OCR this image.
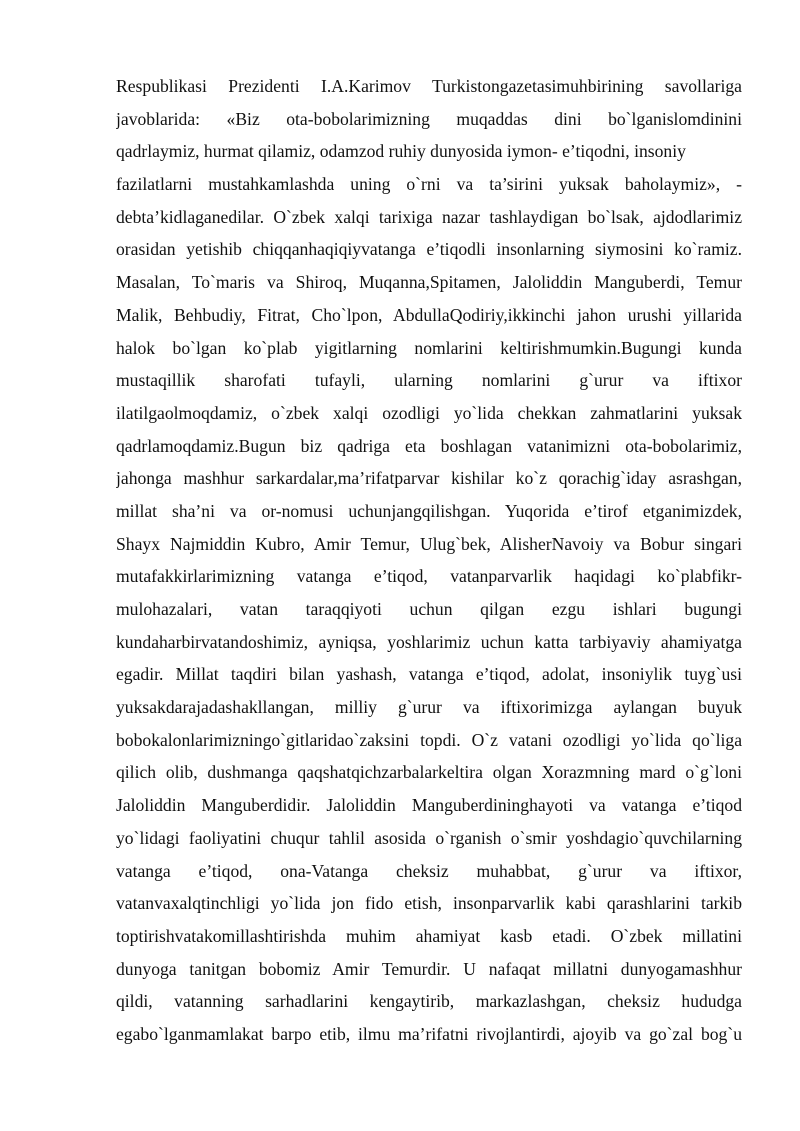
Respublikasi Prezidenti I.A.Karimov Turkistongazetasimuhbirining savollariga
javoblarida: «Biz ota-bobolarimizning muqaddas dini bo`lganislomdinini
qadrlaymiz, hurmat qilamiz, odamzod ruhiy dunyosida iymon- e’tiqodni, insoniy
fazilatlarni mustahkamlashda uning o`rni va ta’sirini yuksak baholaymiz», -
debta’kidlaganedilar. O`zbek xalqi tarixiga nazar tashlaydigan bo`lsak, ajdodlarimiz
orasidan yetishib chiqqanhaqiqiyvatanga e’tiqodli insonlarning siymosini ko`ramiz.
Masalan, To`maris va Shiroq, Muqanna,Spitamen, Jaloliddin Manguberdi, Temur
Malik, Behbudiy, Fitrat, Cho`lpon, AbdullaQodiriy,ikkinchi jahon urushi yillarida
halok bo`lgan ko`plab yigitlarning nomlarini keltirishmumkin.Bugungi kunda
mustaqillik sharofati tufayli, ularning nomlarini g`urur va iftixor
ilatilgaolmoqdamiz, o`zbek xalqi ozodligi yo`lida chekkan zahmatlarini yuksak
qadrlamoqdamiz.Bugun biz qadriga eta boshlagan vatanimizni ota-bobolarimiz,
jahonga mashhur sarkardalar,ma’rifatparvar kishilar ko`z qorachig`iday asrashgan,
millat sha’ni va or-nomusi uchunjangqilishgan. Yuqorida e’tirof etganimizdek,
Shayx Najmiddin Kubro, Amir Temur, Ulug`bek, AlisherNavoiy va Bobur singari
mutafakkirlarimizning vatanga e’tiqod, vatanparvarlik haqidagi ko`plabfikr-
mulohazalari, vatan taraqqiyoti uchun qilgan ezgu ishlari bugungi
kundaharbirvatandoshimiz, ayniqsa, yoshlarimiz uchun katta tarbiyaviy ahamiyatga
egadir. Millat taqdiri bilan yashash, vatanga e’tiqod, adolat, insoniylik tuyg`usi
yuksakdarajadashakllangan, milliy g`urur va iftixorimizga aylangan buyuk
bobokalonlarimizningo`gitlaridao`zaksini topdi. O`z vatani ozodligi yo`lida qo`liga
qilich olib, dushmanga qaqshatqichzarbalarkeltira olgan Xorazmning mard o`g`loni
Jaloliddin Manguberdidir. Jaloliddin Manguberdininghayoti va vatanga e’tiqod
yo`lidagi faoliyatini chuqur tahlil asosida o`rganish o`smir yoshdagio`quvchilarning
vatanga e’tiqod, ona-Vatanga cheksiz muhabbat, g`urur va iftixor,
vatanvaxalqtinchligi yo`lida jon fido etish, insonparvarlik kabi qarashlarini tarkib
toptirishvatakomillashtirishda muhim ahamiyat kasb etadi. O`zbek millatini
dunyoga tanitgan bobomiz Amir Temurdir. U nafaqat millatni dunyogamashhur
qildi, vatanning sarhadlarini kengaytirib, markazlashgan, cheksiz hududga
egabo`lganmamlakat barpo etib, ilmu ma’rifatni rivojlantirdi, ajoyib va go`zal bog`u
